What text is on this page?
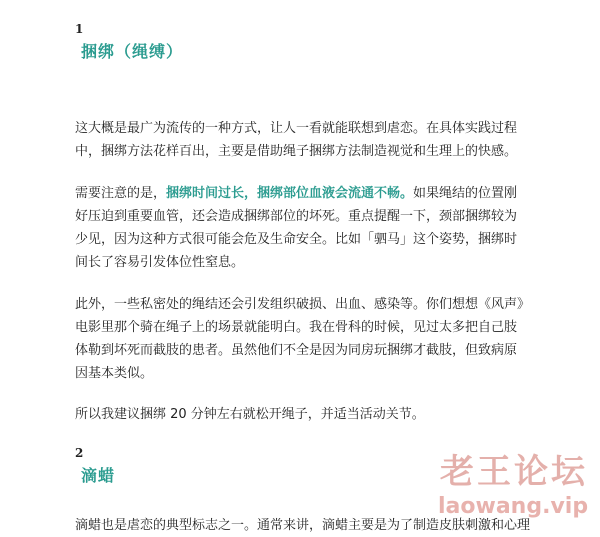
1
捆绑（绳缚）

这大概是最广为流传的一种方式，让人一看就能联想到虐恋。在具体实践过程中，捆绑方法花样百出，主要是借助绳子捆绑方法制造视觉和生理上的快感。

需要注意的是，捆绑时间过长，捆绑部位血液会流通不畅。如果绳结的位置刚好压迫到重要血管，还会造成捆绑部位的坏死。重点提醒一下，颈部捆绑较为少见，因为这种方式很可能会危及生命安全。比如「驷马」这个姿势，捆绑时间长了容易引发体位性窒息。

此外，一些私密处的绳结还会引发组织破损、出血、感染等。你们想想《风声》电影里那个骑在绳子上的场景就能明白。我在骨科的时候，见过太多把自己肢体勒到坏死而截肢的患者。虽然他们不全是因为同房玩捆绑才截肢，但致病原因基本类似。

所以我建议捆绑 20 分钟左右就松开绳子，并适当活动关节。

2
滴蜡

滴蜡也是虐恋的典型标志之一。通常来讲，滴蜡主要是为了制造皮肤刺激和心理

老王论坛
laowang.vip
